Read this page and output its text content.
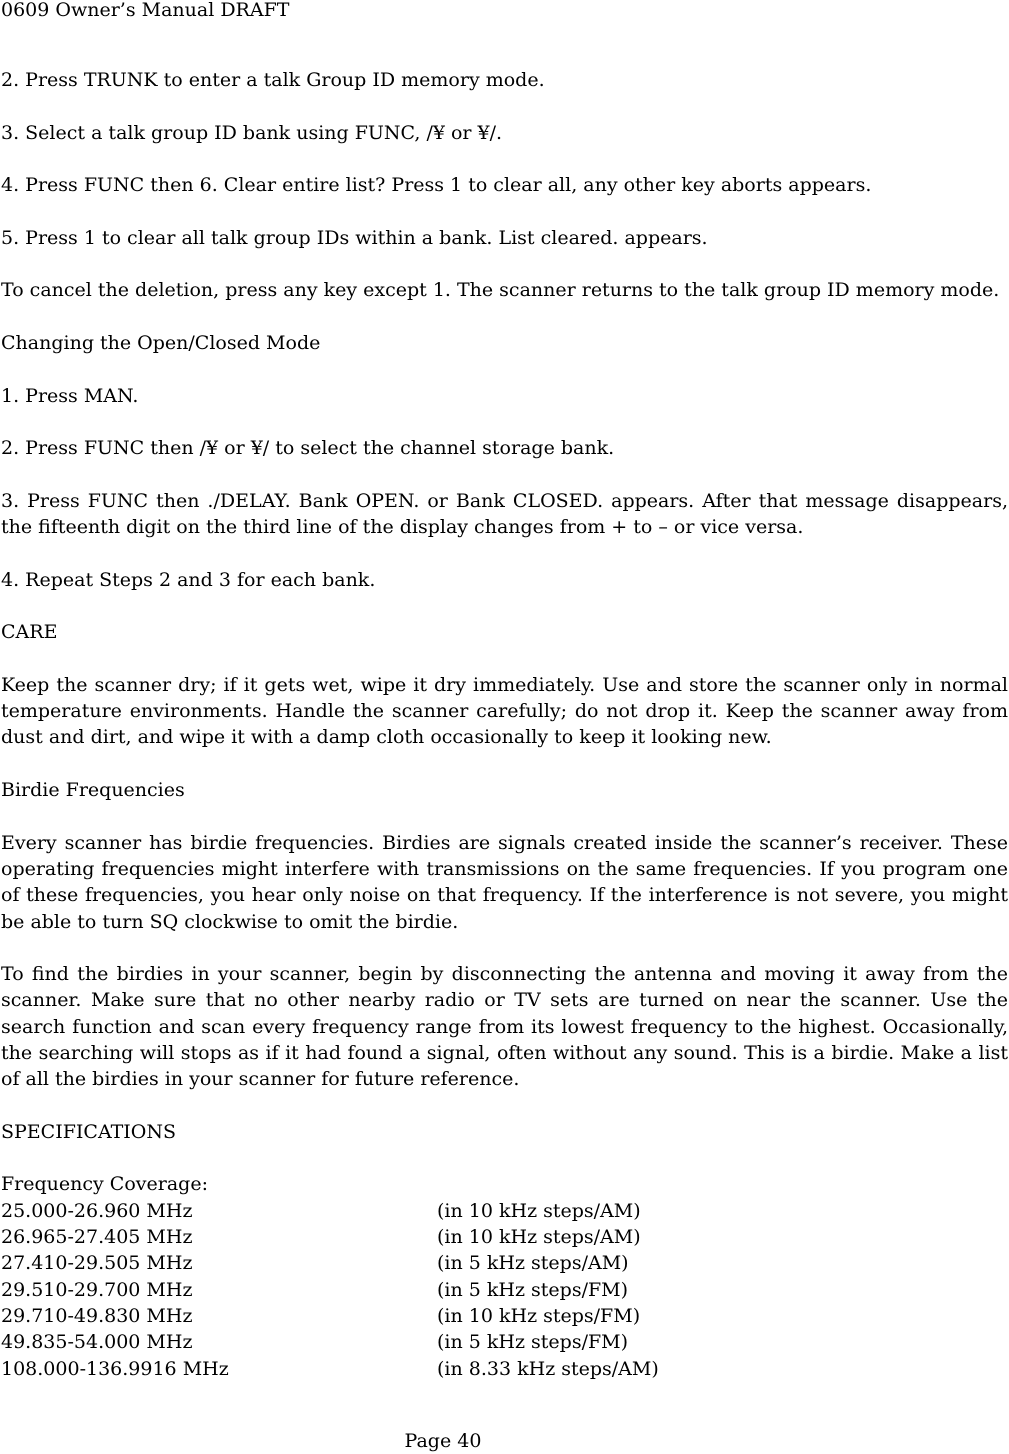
0609 Owner’s Manual DRAFT

2. Press TRUNK to enter a talk Group ID memory mode.

3. Select a talk group ID bank using FUNC, /¥ or ¥/.

4. Press FUNC then 6. Clear entire list? Press 1 to clear all, any other key aborts appears.

5. Press 1 to clear all talk group IDs within a bank. List cleared. appears.

To cancel the deletion, press any key except 1. The scanner returns to the talk group ID memory mode.

Changing the Open/Closed Mode

1. Press MAN.

2. Press FUNC then /¥ or ¥/ to select the channel storage bank.

3. Press FUNC then ./DELAY. Bank OPEN. or Bank CLOSED. appears. After that message disappears, the fifteenth digit on the third line of the display changes from + to – or vice versa.

4. Repeat Steps 2 and 3 for each bank.

CARE

Keep the scanner dry; if it gets wet, wipe it dry immediately. Use and store the scanner only in normal temperature environments. Handle the scanner carefully; do not drop it. Keep the scanner away from dust and dirt, and wipe it with a damp cloth occasionally to keep it looking new.

Birdie Frequencies

Every scanner has birdie frequencies. Birdies are signals created inside the scanner’s receiver. These operating frequencies might interfere with transmissions on the same frequencies. If you program one of these frequencies, you hear only noise on that frequency. If the interference is not severe, you might be able to turn SQ clockwise to omit the birdie.

To find the birdies in your scanner, begin by disconnecting the antenna and moving it away from the scanner. Make sure that no other nearby radio or TV sets are turned on near the scanner. Use the search function and scan every frequency range from its lowest frequency to the highest. Occasionally, the searching will stops as if it had found a signal, often without any sound. This is a birdie. Make a list of all the birdies in your scanner for future reference.

SPECIFICATIONS

Frequency Coverage:

25.000-26.960 MHz	(in 10 kHz steps/AM)
26.965-27.405 MHz	(in 10 kHz steps/AM)
27.410-29.505 MHz	(in 5 kHz steps/AM)
29.510-29.700 MHz	(in 5 kHz steps/FM)
29.710-49.830 MHz	(in 10 kHz steps/FM)
49.835-54.000 MHz	(in 5 kHz steps/FM)
108.000-136.9916 MHz	(in 8.33 kHz steps/AM)
Page 40
